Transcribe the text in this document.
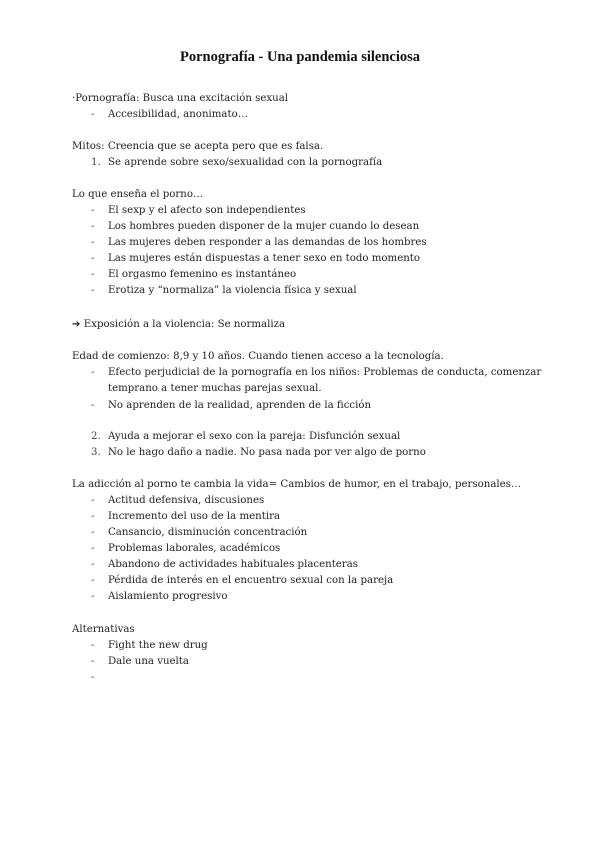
Pornografía - Una pandemia silenciosa
·Pornografía: Busca una excitación sexual
- Accesibilidad, anonimato…
Mitos: Creencia que se acepta pero que es falsa.
1. Se aprende sobre sexo/sexualidad con la pornografía
Lo que enseña el porno…
- El sexp y el afecto son independientes
- Los hombres pueden disponer de la mujer cuando lo desean
- Las mujeres deben responder a las demandas de los hombres
- Las mujeres están dispuestas a tener sexo en todo momento
- El orgasmo femenino es instantáneo
- Erotiza y “normaliza” la violencia física y sexual
➔ Exposición a la violencia: Se normaliza
Edad de comienzo: 8,9 y 10 años. Cuando tienen acceso a la tecnología.
- Efecto perjudicial de la pornografía en los niños: Problemas de conducta, comenzar temprano a tener muchas parejas sexual.
- No aprenden de la realidad, aprenden de la ficción
2. Ayuda a mejorar el sexo con la pareja: Disfunción sexual
3. No le hago daño a nadie. No pasa nada por ver algo de porno
La adicción al porno te cambia la vida= Cambios de humor, en el trabajo, personales…
- Actitud defensiva, discusiones
- Incremento del uso de la mentira
- Cansancio, disminución concentración
- Problemas laborales, académicos
- Abandono de actividades habituales placenteras
- Pérdida de interés en el encuentro sexual con la pareja
- Aislamiento progresivo
Alternativas
- Fight the new drug
- Dale una vuelta
-
